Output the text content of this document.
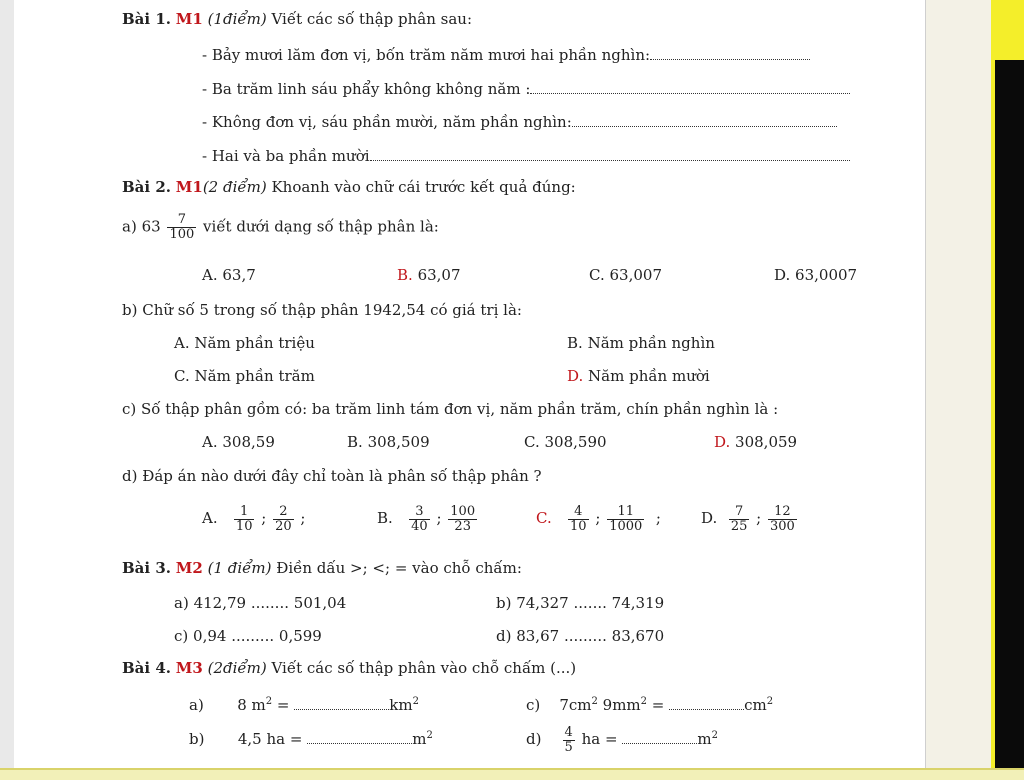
Bài 1. M1 (1điểm) Viết các số thập phân sau:
- Bảy mươi lăm đơn vị, bốn trăm năm mươi hai phần nghìn:
- Ba trăm linh sáu phẩy không không năm :
- Không đơn vị, sáu phần mười, năm phần nghìn:
- Hai và ba phần mười
Bài 2. M1(2 điểm) Khoanh vào chữ cái trước kết quả đúng:
a) $63 \frac{7}{100}$ viết dưới dạng số thập phân là:
A. 63,7	B. 63,07	C. 63,007	D. 63,0007
b) Chữ số 5 trong số thập phân 1942,54 có giá trị là:
A. Năm phần triệu	B. Năm phần nghìn
C. Năm phần trăm	D. Năm phần mười
c) Số thập phân gồm có: ba trăm linh tám đơn vị, năm phần trăm, chín phần nghìn là :
A. 308,59	B. 308,509	C. 308,590	D. 308,059
d) Đáp án nào dưới đây chỉ toàn là phân số thập phân ?
A. $\frac{1}{10}$ ; $\frac{2}{20}$ ;	B. $\frac{3}{40}$ ; $\frac{100}{23}$	C. $\frac{4}{10}$ ; $\frac{11}{1000}$ ;	D. $\frac{7}{25}$ ; $\frac{12}{300}$
Bài 3. M2 (1 điểm) Điền dấu >; <; = vào chỗ chấm:
a) 412,79 ........ 501,04	b) 74,327 ....... 74,319
c) 0,94 ......... 0,599	d) 83,67 ......... 83,670
Bài 4. M3 (2điểm) Viết các số thập phân vào chỗ chấm (...)
a) 8 $m^2$ =	$km^2$
b) 4,5 ha =	$m^2$
c) $7cm^2$ $9mm^2$ =	$cm^2$
$d) \frac{4}{5}$ ha =	$m^2$
